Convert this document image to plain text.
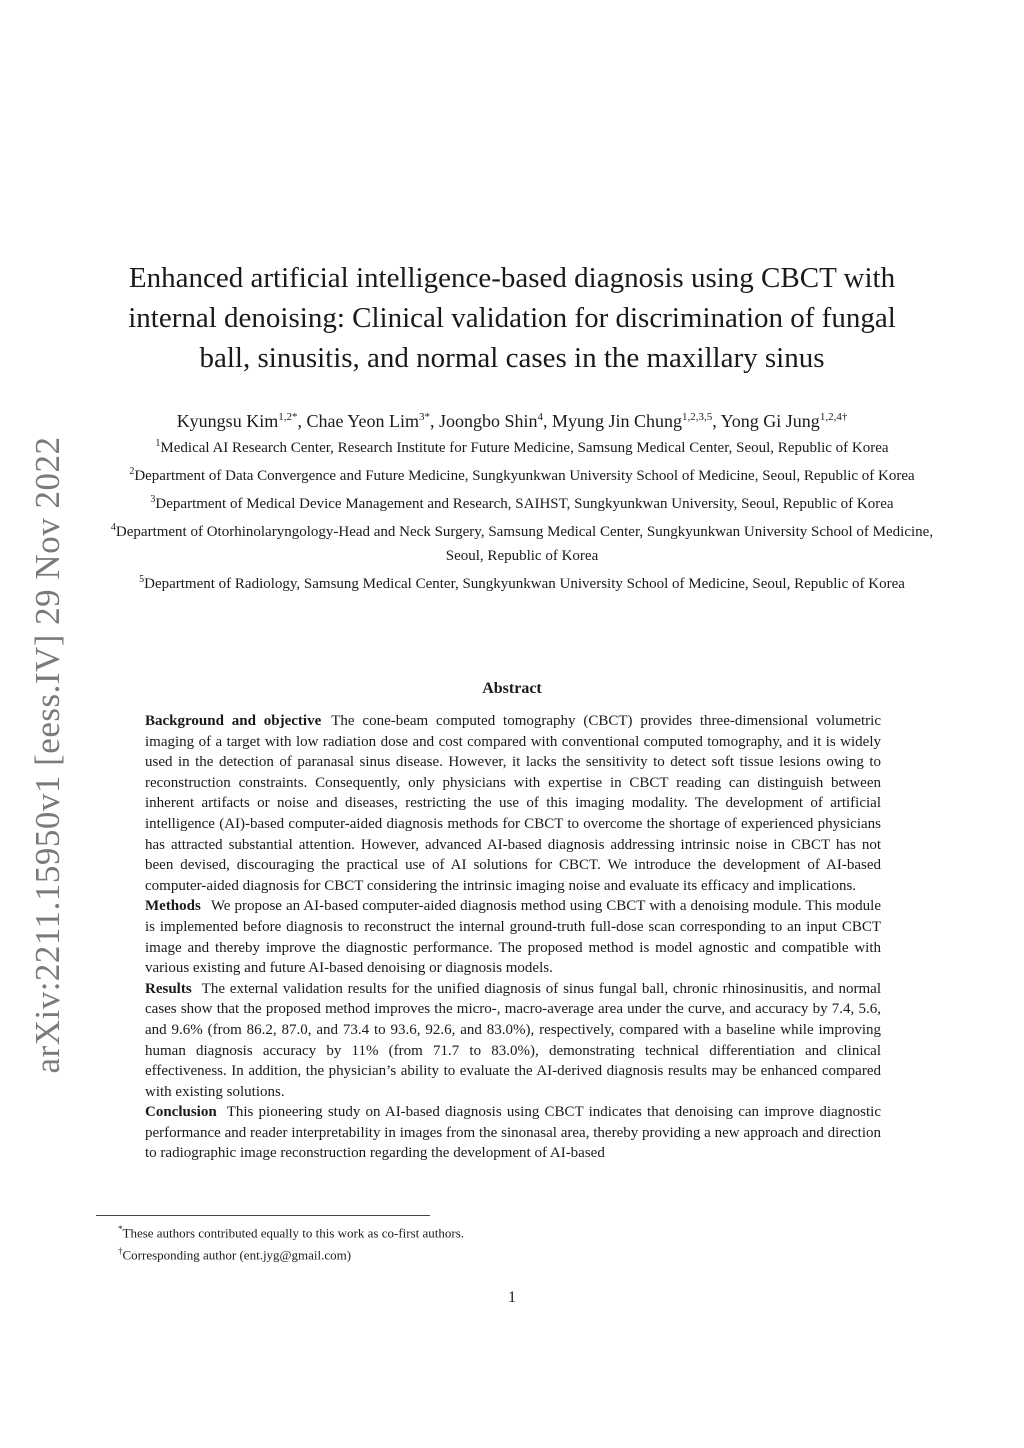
arXiv:2211.15950v1 [eess.IV] 29 Nov 2022
Enhanced artificial intelligence-based diagnosis using CBCT with
internal denoising: Clinical validation for discrimination of fungal
ball, sinusitis, and normal cases in the maxillary sinus
Kyungsu Kim$^{1,2*}$, Chae Yeon Lim$^{3*}$, Joongbo Shin$^4$, Myung Jin Chung$^{1,2,3,5}$, Yong Gi Jung$^{1,2,4\dagger}$

$^1$Medical AI Research Center, Research Institute for Future Medicine, Samsung Medical Center, Seoul, Republic of Korea

$^2$Department of Data Convergence and Future Medicine, Sungkyunkwan University School of Medicine, Seoul, Republic of Korea

$^3$Department of Medical Device Management and Research, SAIHST, Sungkyunkwan University, Seoul, Republic of Korea

$^4$Department of Otorhinolaryngology-Head and Neck Surgery, Samsung Medical Center, Sungkyunkwan University School of Medicine, Seoul, Republic of Korea

$^5$Department of Radiology, Samsung Medical Center, Sungkyunkwan University School of Medicine, Seoul, Republic of Korea

Abstract

Background and objective The cone-beam computed tomography (CBCT) provides three-dimensional volumetric imaging of a target with low radiation dose and cost compared with conventional computed tomography, and it is widely used in the detection of paranasal sinus disease. However, it lacks the sensitivity to detect soft tissue lesions owing to reconstruction constraints. Consequently, only physicians with expertise in CBCT reading can distinguish between inherent artifacts or noise and diseases, restricting the use of this imaging modality. The development of artificial intelligence (AI)-based computer-aided diagnosis methods for CBCT to overcome the shortage of experienced physicians has attracted substantial attention. However, advanced AI-based diagnosis addressing intrinsic noise in CBCT has not been devised, discouraging the practical use of AI solutions for CBCT. We introduce the development of AI-based computer-aided diagnosis for CBCT considering the intrinsic imaging noise and evaluate its efficacy and implications.

Methods We propose an AI-based computer-aided diagnosis method using CBCT with a denoising module. This module is implemented before diagnosis to reconstruct the internal ground-truth full-dose scan corresponding to an input CBCT image and thereby improve the diagnostic performance. The proposed method is model agnostic and compatible with various existing and future AI-based denoising or diagnosis models.

Results The external validation results for the unified diagnosis of sinus fungal ball, chronic rhinosinusitis, and normal cases show that the proposed method improves the micro-, macro-average area under the curve, and accuracy by 7.4, 5.6, and 9.6% (from 86.2, 87.0, and 73.4 to 93.6, 92.6, and 83.0%), respectively, compared with a baseline while improving human diagnosis accuracy by 11% (from 71.7 to 83.0%), demonstrating technical differentiation and clinical effectiveness. In addition, the physician’s ability to evaluate the AI-derived diagnosis results may be enhanced compared with existing solutions.

Conclusion This pioneering study on AI-based diagnosis using CBCT indicates that denoising can improve diagnostic performance and reader interpretability in images from the sinonasal area, thereby providing a new approach and direction to radiographic image reconstruction regarding the development of AI-based

*These authors contributed equally to this work as co-first authors.

†Corresponding author (ent.jyg@gmail.com)

1
